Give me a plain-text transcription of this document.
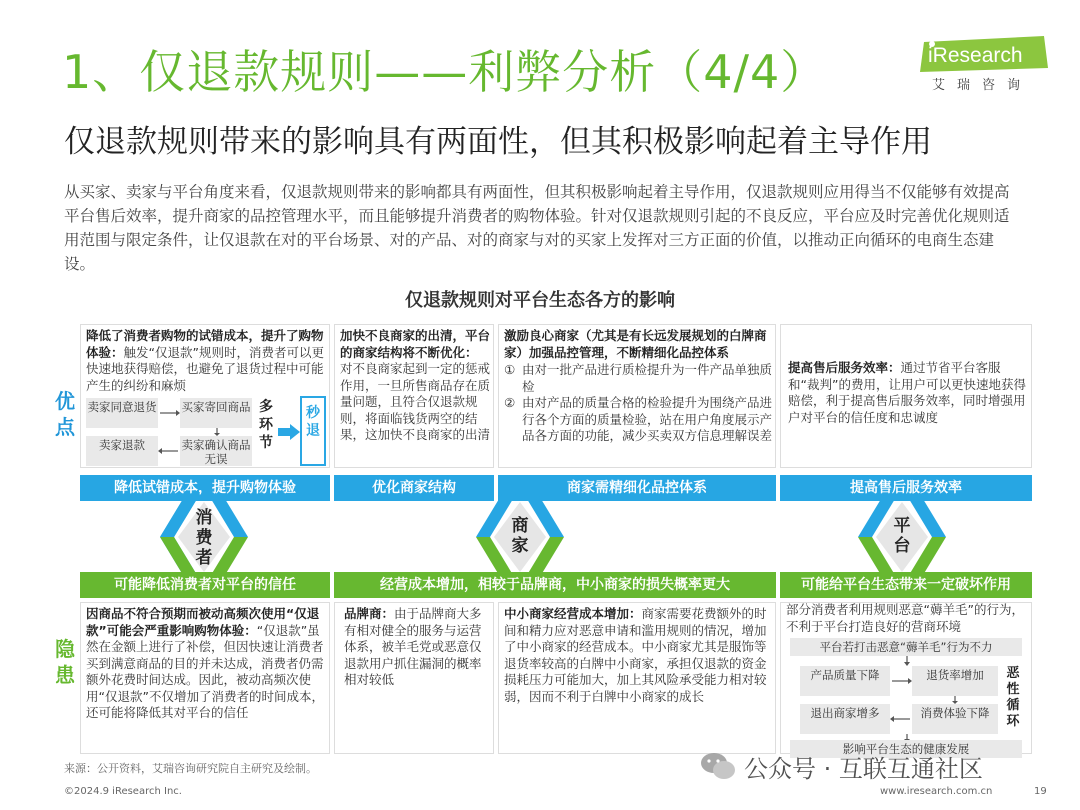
1、仅退款规则——利弊分析（4/4）	iResearch
艾瑞咨询
仅退款规则带来的影响具有两面性，但其积极影响起着主导作用
从买家、卖家与平台角度来看，仅退款规则带来的影响都具有两面性，但其积极影响起着主导作用，仅退款规则应用得当不仅能够有效提高平台售后效率，提升商家的品控管理水平，而且能够提升消费者的购物体验。针对仅退款规则引起的不良反应，平台应及时完善优化规则适用范围与限定条件，让仅退款在对的平台场景、对的产品、对的商家与对的买家上发挥对三方正面的价值，以推动正向循环的电商生态建设。
仅退款规则对平台生态各方的影响
优点
隐患
降低了消费者购物的试错成本，提升了购物体验：触发“仅退款”规则时，消费者可以更快速地获得赔偿，也避免了退货过程中可能产生的纠纷和麻烦
卖家同意退货 买家寄回商品
卖家确认商品无误
卖家退款
多环节
秒退
加快不良商家的出清，平台的商家结构将不断优化：对不良商家起到一定的惩戒作用，一旦所售商品存在质量问题，且符合仅退款规则，将面临钱货两空的结果，这加快不良商家的出清
激励良心商家（尤其是有长远发展规划的白牌商家）加强品控管理，不断精细化品控体系
① 由对一批产品进行质检提升为一件产品单独质检
② 由对产品的质量合格的检验提升为围绕产品进行各个方面的质量检验，站在用户角度展示产品各方面的功能，减少买卖双方信息理解误差
提高售后服务效率：通过节省平台客服和“裁判”的费用，让用户可以更快速地获得赔偿，利于提高售后服务效率，同时增强用户对平台的信任度和忠诚度
降低试错成本，提升购物体验	优化商家结构	商家需精细化品控体系	提高售后服务效率
消费者
商家
平台
可能降低消费者对平台的信任	经营成本增加，相较于品牌商，中小商家的损失概率更大	可能给平台生态带来一定破坏作用
因商品不符合预期而被动高频次使用“仅退款”可能会严重影响购物体验：“仅退款”虽然在金额上进行了补偿，但因快速让消费者买到满意商品的目的并未达成，消费者仍需额外花费时间达成。因此，被动高频次使用“仅退款”不仅增加了消费者的时间成本，还可能将降低其对平台的信任
品牌商：由于品牌商大多有相对健全的服务与运营体系，被羊毛党或恶意仅退款用户抓住漏洞的概率相对较低
中小商家经营成本增加：商家需要花费额外的时间和精力应对恶意申请和滥用规则的情况，增加了中小商家的经营成本。中小商家尤其是服饰等退货率较高的白牌中小商家，承担仅退款的资金损耗压力可能加大，加上其风险承受能力相对较弱，因而不利于白牌中小商家的成长
部分消费者利用规则恶意“薅羊毛”的行为，不利于平台打造良好的营商环境
平台若打击恶意“薅羊毛”行为不力
产品质量下降	退货率增加
退出商家增多	消费体验下降
恶性循环
影响平台生态的健康发展
来源：公开资料，艾瑞咨询研究院自主研究及绘制。
©2024.9 iResearch Inc.	www.iresearch.com.cn	19
公众号 · 互联互通社区
